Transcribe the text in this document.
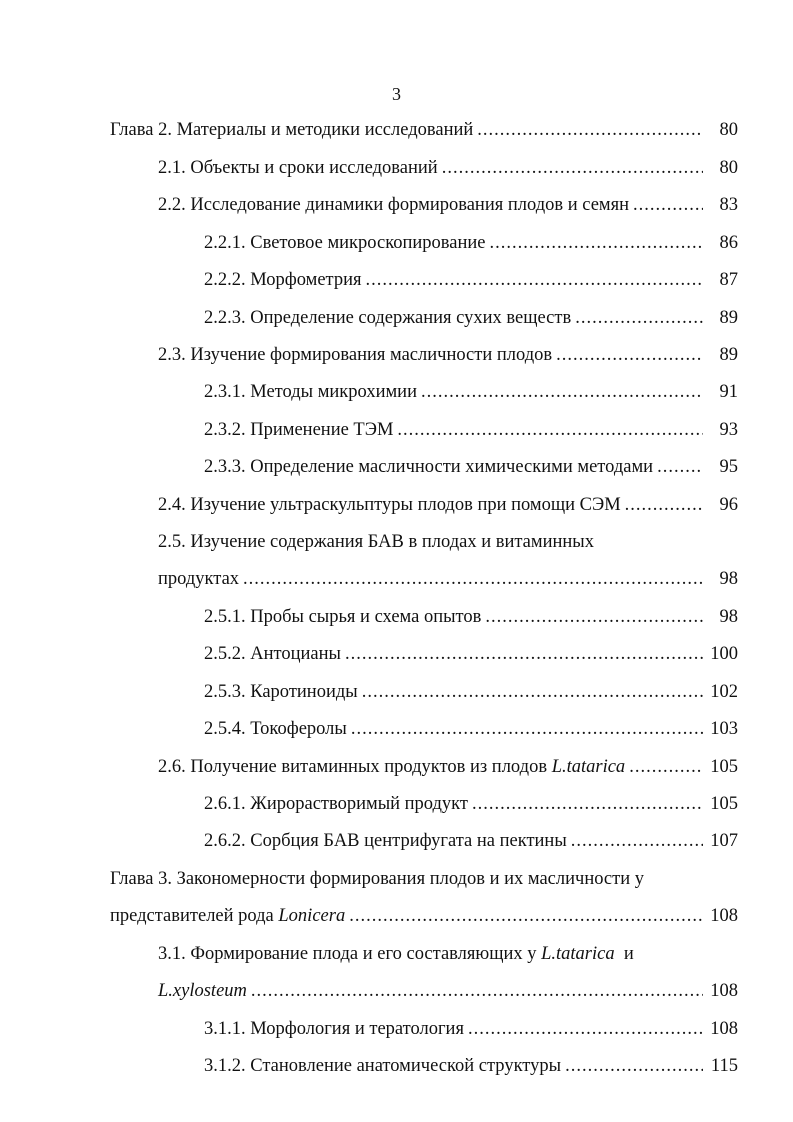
3
Глава 2. Материалы и методики исследований .....	80
2.1. Объекты и сроки исследований .....	80
2.2. Исследование динамики формирования плодов и семян .....	83
2.2.1. Световое микроскопирование .....	86
2.2.2. Морфометрия .....	87
2.2.3. Определение содержания сухих веществ .....	89
2.3. Изучение формирования масличности плодов .....	89
2.3.1. Методы микрохимии .....	91
2.3.2. Применение ТЭМ .....	93
2.3.3. Определение масличности химическими методами .....	95
2.4. Изучение ультраскульптуры плодов при помощи СЭМ .....	96
2.5. Изучение содержания БАВ в плодах и витаминных
продуктах .....	98
2.5.1. Пробы сырья и схема опытов .....	98
2.5.2. Антоцианы .....	100
2.5.3. Каротиноиды .....	102
2.5.4. Токоферолы .....	103
2.6. Получение витаминных продуктов из плодов L.tatarica .....	105
2.6.1. Жирорастворимый продукт .....	105
2.6.2. Сорбция БАВ центрифугата на пектины .....	107
Глава 3. Закономерности формирования плодов и их масличности у
представителей рода Lonicera .....	108
3.1. Формирование плода и его составляющих у L.tatarica  и
L.xylosteum .....	108
3.1.1. Морфология и тератология .....	108
3.1.2. Становление анатомической структуры .....	115
